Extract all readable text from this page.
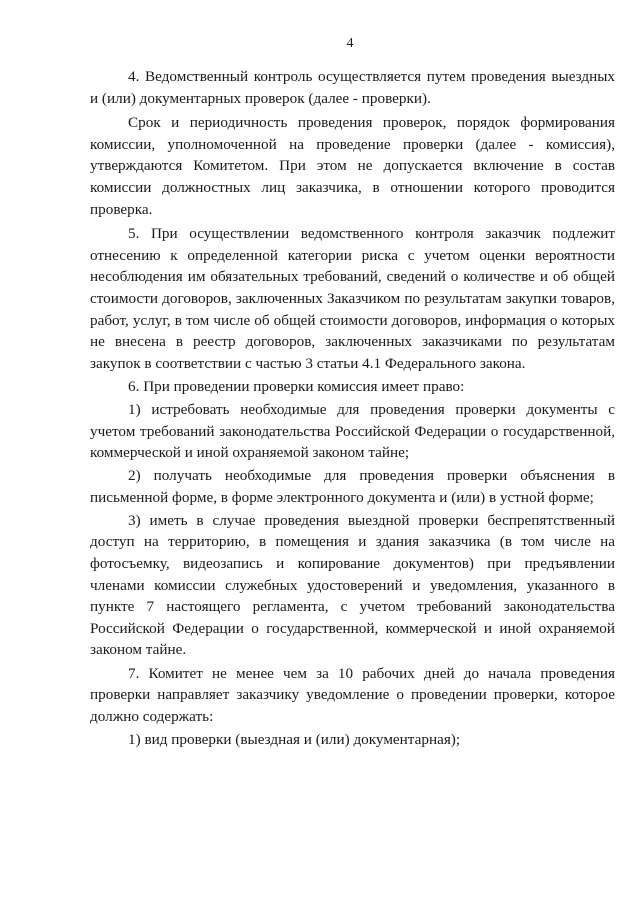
4

4. Ведомственный контроль осуществляется путем проведения выездных и (или) документарных проверок (далее - проверки).

Срок и периодичность проведения проверок, порядок формирования комиссии, уполномоченной на проведение проверки (далее - комиссия), утверждаются Комитетом. При этом не допускается включение в состав комиссии должностных лиц заказчика, в отношении которого проводится проверка.

5. При осуществлении ведомственного контроля заказчик подлежит отнесению к определенной категории риска с учетом оценки вероятности несоблюдения им обязательных требований, сведений о количестве и об общей стоимости договоров, заключенных Заказчиком по результатам закупки товаров, работ, услуг, в том числе об общей стоимости договоров, информация о которых не внесена в реестр договоров, заключенных заказчиками по результатам закупок в соответствии с частью 3 статьи 4.1 Федерального закона.

6. При проведении проверки комиссия имеет право:

1) истребовать необходимые для проведения проверки документы с учетом требований законодательства Российской Федерации о государственной, коммерческой и иной охраняемой законом тайне;

2) получать необходимые для проведения проверки объяснения в письменной форме, в форме электронного документа и (или) в устной форме;

3) иметь в случае проведения выездной проверки беспрепятственный доступ на территорию, в помещения и здания заказчика (в том числе на фотосъемку, видеозапись и копирование документов) при предъявлении членами комиссии служебных удостоверений и уведомления, указанного в пункте 7 настоящего регламента, с учетом требований законодательства Российской Федерации о государственной, коммерческой и иной охраняемой законом тайне.

7. Комитет не менее чем за 10 рабочих дней до начала проведения проверки направляет заказчику уведомление о проведении проверки, которое должно содержать:

1) вид проверки (выездная и (или) документарная);
